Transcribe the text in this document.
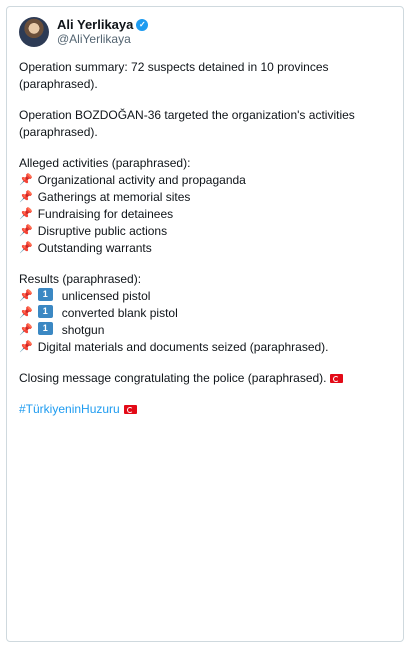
Ali Yerlikaya ✓
@AliYerlikaya

Operation summary: 72 suspects detained in 10 provinces (paraphrased).

Operation BOZDOĞAN-36 targeted the organization's activities (paraphrased).

Alleged activities (paraphrased):
📌 Organizational activity and propaganda
📌 Gatherings at memorial sites
📌 Fundraising for detainees
📌 Disruptive public actions
📌 Outstanding warrants
Results (paraphrased):
📌	1	unlicensed pistol
📌	1	converted blank pistol
📌	1	shotgun
📌 Digital materials and documents seized (paraphrased).

Closing message congratulating the police (paraphrased).

#TürkiyeninHuzuru
